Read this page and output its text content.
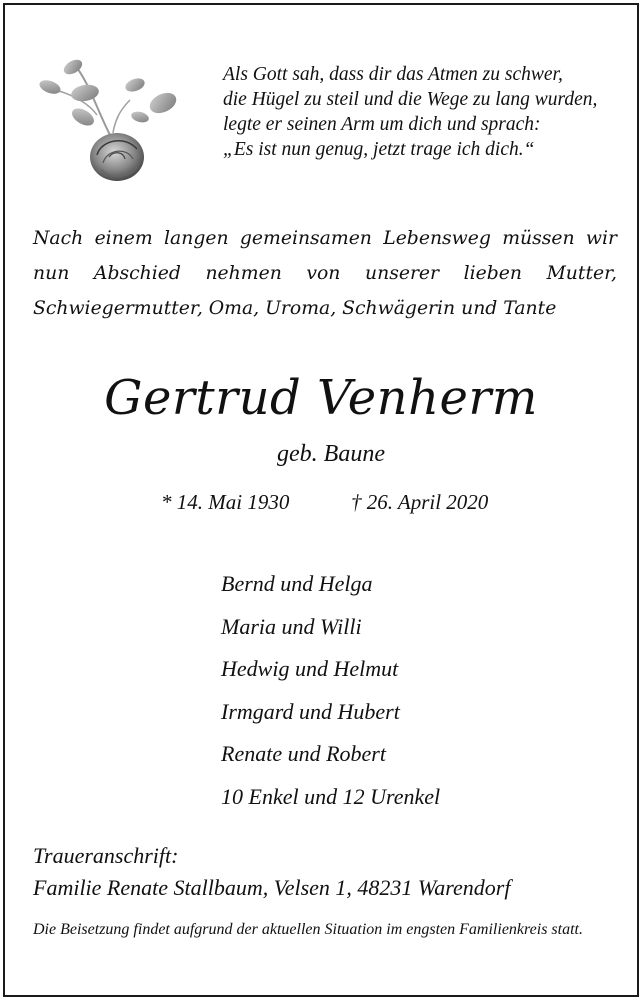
Als Gott sah, dass dir das Atmen zu schwer,
die Hügel zu steil und die Wege zu lang wurden,
legte er seinen Arm um dich und sprach:
„Es ist nun genug, jetzt trage ich dich.“
Nach einem langen gemeinsamen Lebensweg müssen wir nun Abschied nehmen von unserer lieben Mutter, Schwiegermutter, Oma, Uroma, Schwägerin und Tante
Gertrud Venherm
geb. Baune
* 14. Mai 1930	† 26. April 2020
Bernd und Helga
Maria und Willi
Hedwig und Helmut
Irmgard und Hubert
Renate und Robert
10 Enkel und 12 Urenkel
Traueranschrift:
Familie Renate Stallbaum, Velsen 1, 48231 Warendorf
Die Beisetzung findet aufgrund der aktuellen Situation im engsten Familienkreis statt.
